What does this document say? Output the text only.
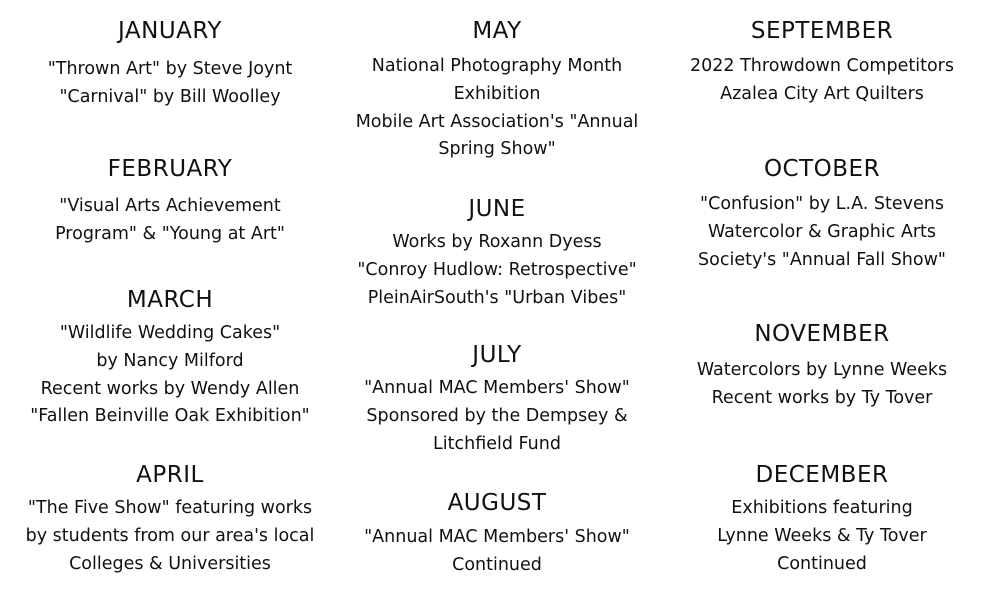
JANUARY
"Thrown Art" by Steve Joynt
"Carnival" by Bill Woolley
FEBRUARY
"Visual Arts Achievement
Program" & "Young at Art"
MARCH
"Wildlife Wedding Cakes"
by Nancy Milford
Recent works by Wendy Allen
"Fallen Beinville Oak Exhibition"
APRIL
"The Five Show" featuring works
by students from our area's local
Colleges & Universities
MAY
National Photography Month
Exhibition
Mobile Art Association's "Annual
Spring Show"
JUNE
Works by Roxann Dyess
"Conroy Hudlow: Retrospective"
PleinAirSouth's "Urban Vibes"
JULY
"Annual MAC Members' Show"
Sponsored by the Dempsey &
Litchfield Fund
AUGUST
"Annual MAC Members' Show"
Continued
SEPTEMBER
2022 Throwdown Competitors
Azalea City Art Quilters
OCTOBER
"Confusion" by L.A. Stevens
Watercolor & Graphic Arts
Society's "Annual Fall Show"
NOVEMBER
Watercolors by Lynne Weeks
Recent works by Ty Tover
DECEMBER
Exhibitions featuring
Lynne Weeks & Ty Tover
Continued
